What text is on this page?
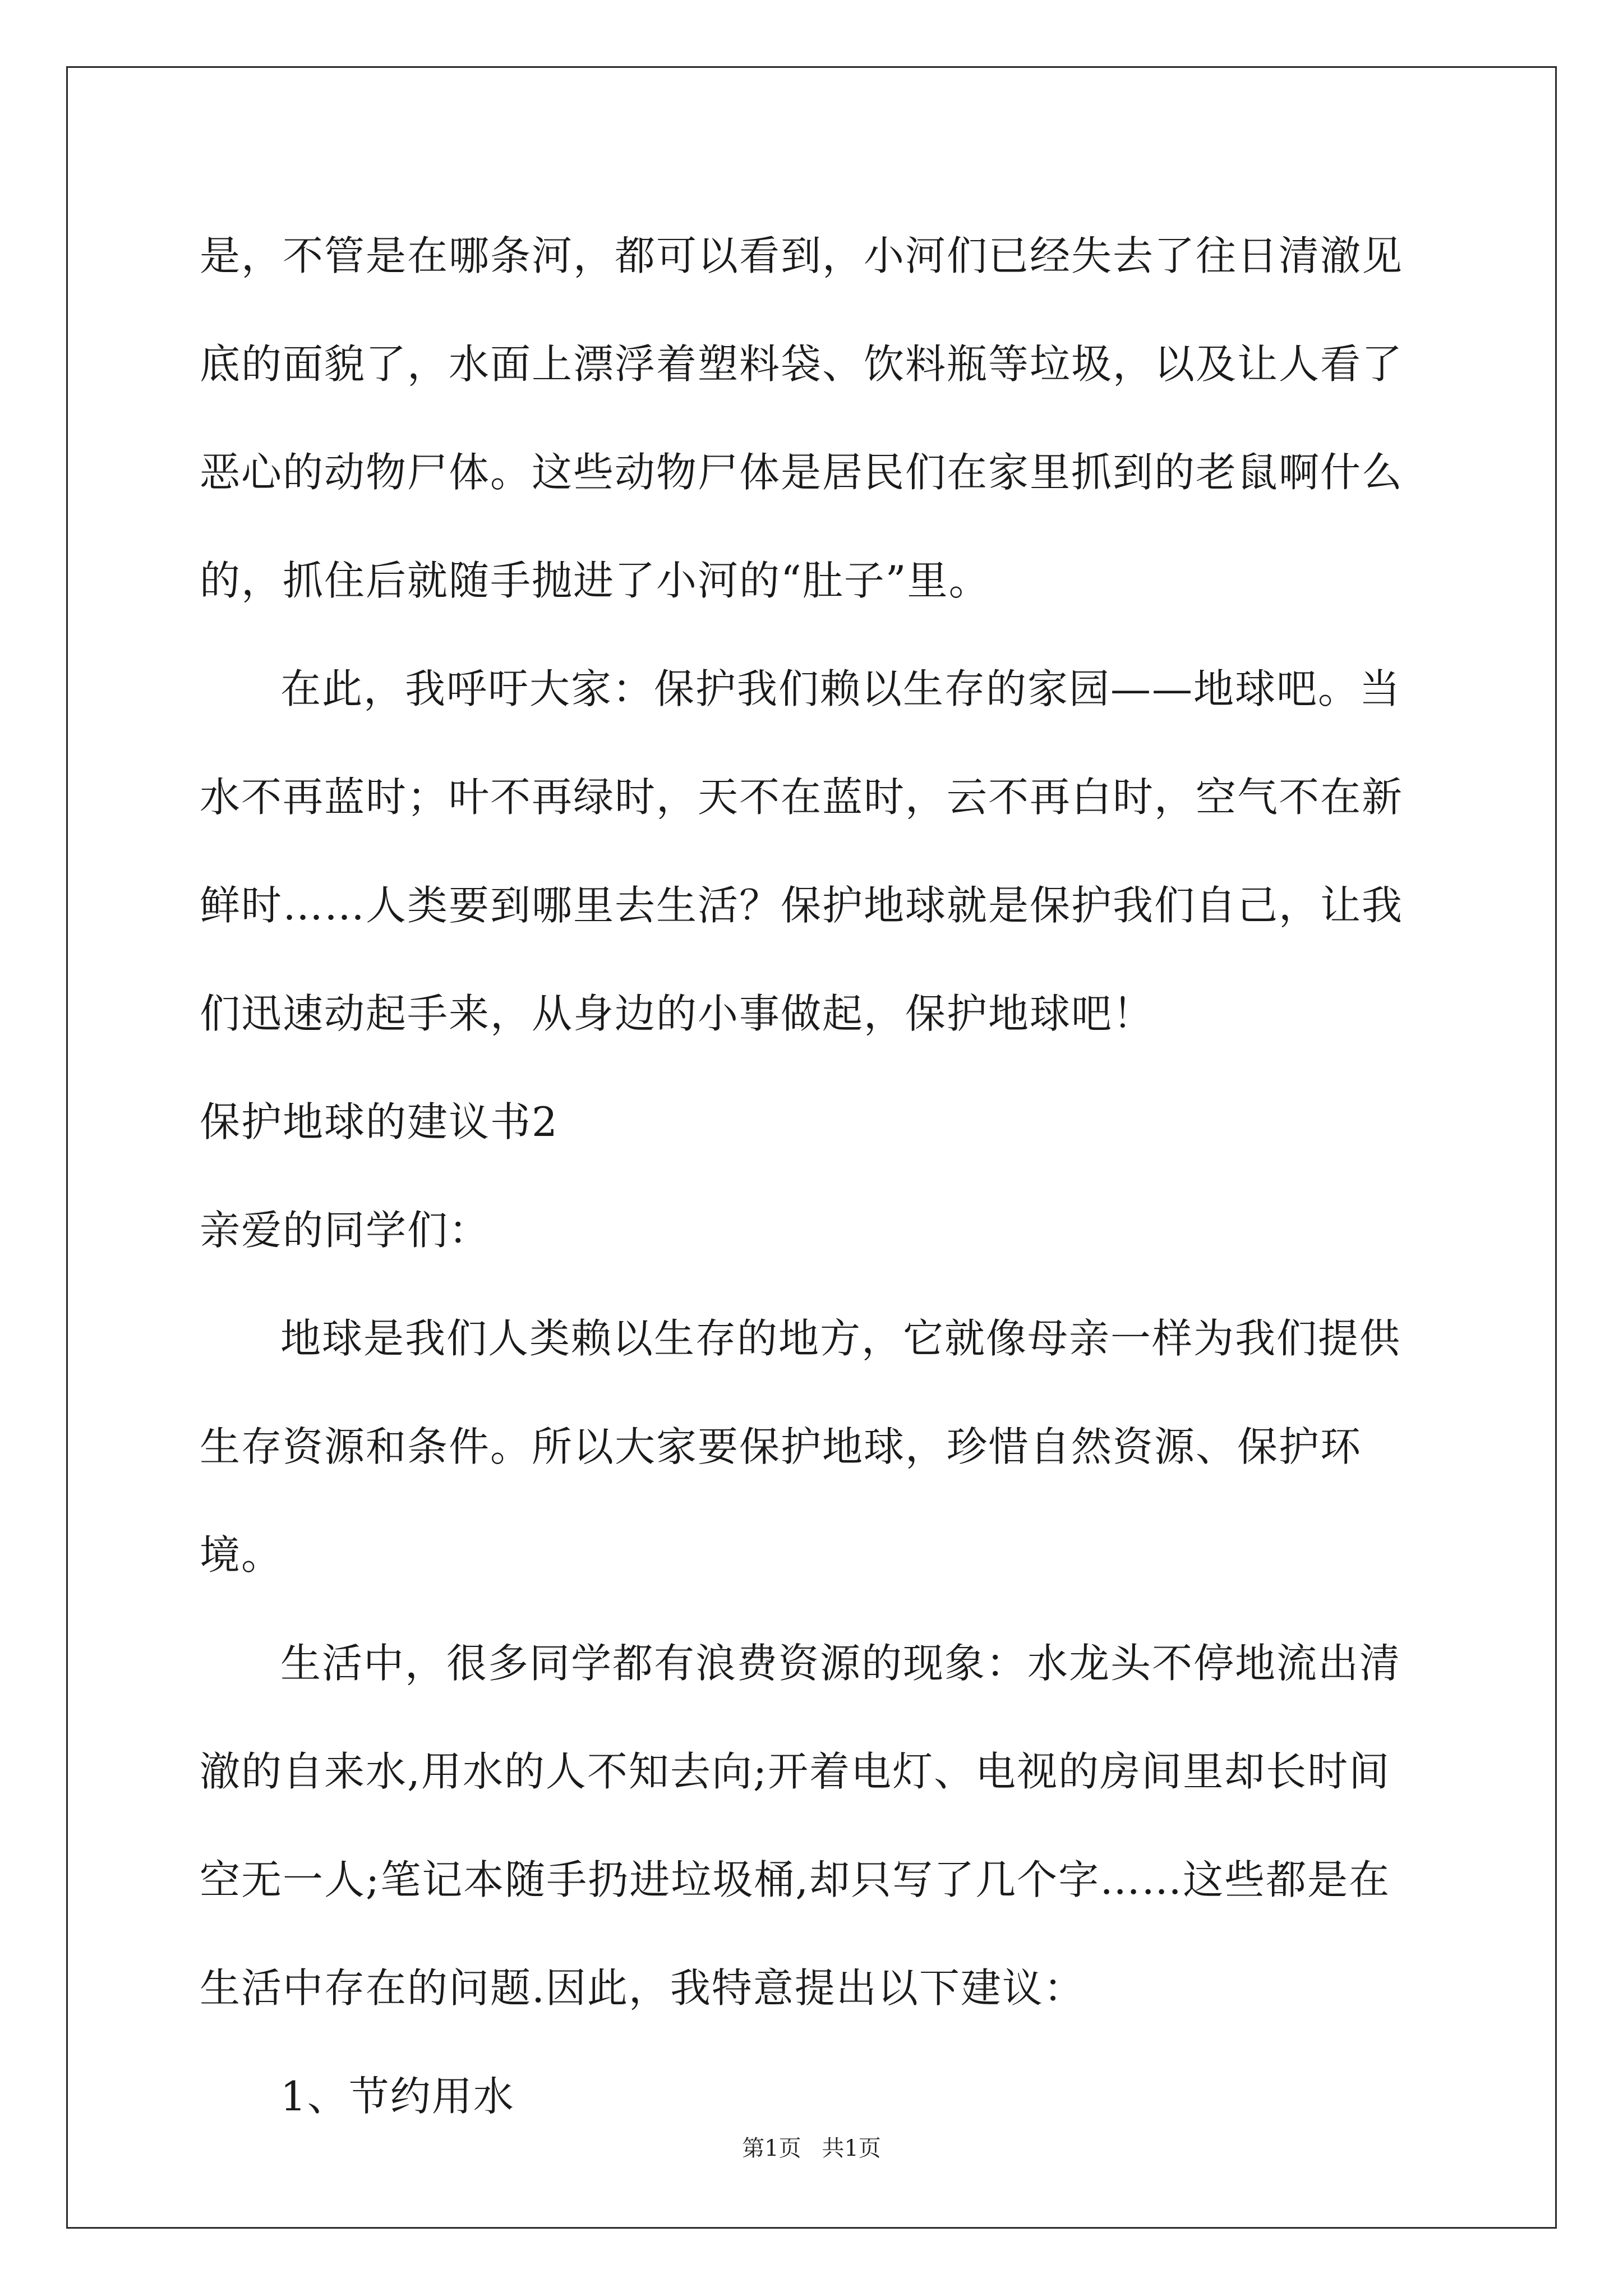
是，不管是在哪条河，都可以看到，小河们已经失去了往日清澈见底的面貌了，水面上漂浮着塑料袋、饮料瓶等垃圾，以及让人看了恶心的动物尸体。这些动物尸体是居民们在家里抓到的老鼠啊什么的，抓住后就随手抛进了小河的“肚子”里。

在此，我呼吁大家：保护我们赖以生存的家园——地球吧。当水不再蓝时；叶不再绿时，天不在蓝时，云不再白时，空气不在新鲜时……人类要到哪里去生活？保护地球就是保护我们自己，让我们迅速动起手来，从身边的小事做起，保护地球吧！

保护地球的建议书2

亲爱的同学们：

地球是我们人类赖以生存的地方，它就像母亲一样为我们提供生存资源和条件。所以大家要保护地球，珍惜自然资源、保护环境。

生活中，很多同学都有浪费资源的现象：水龙头不停地流出清澈的自来水,用水的人不知去向;开着电灯、电视的房间里却长时间空无一人;笔记本随手扔进垃圾桶,却只写了几个字……这些都是在生活中存在的问题.因此，我特意提出以下建议：

1、节约用水

第1页 共1页
